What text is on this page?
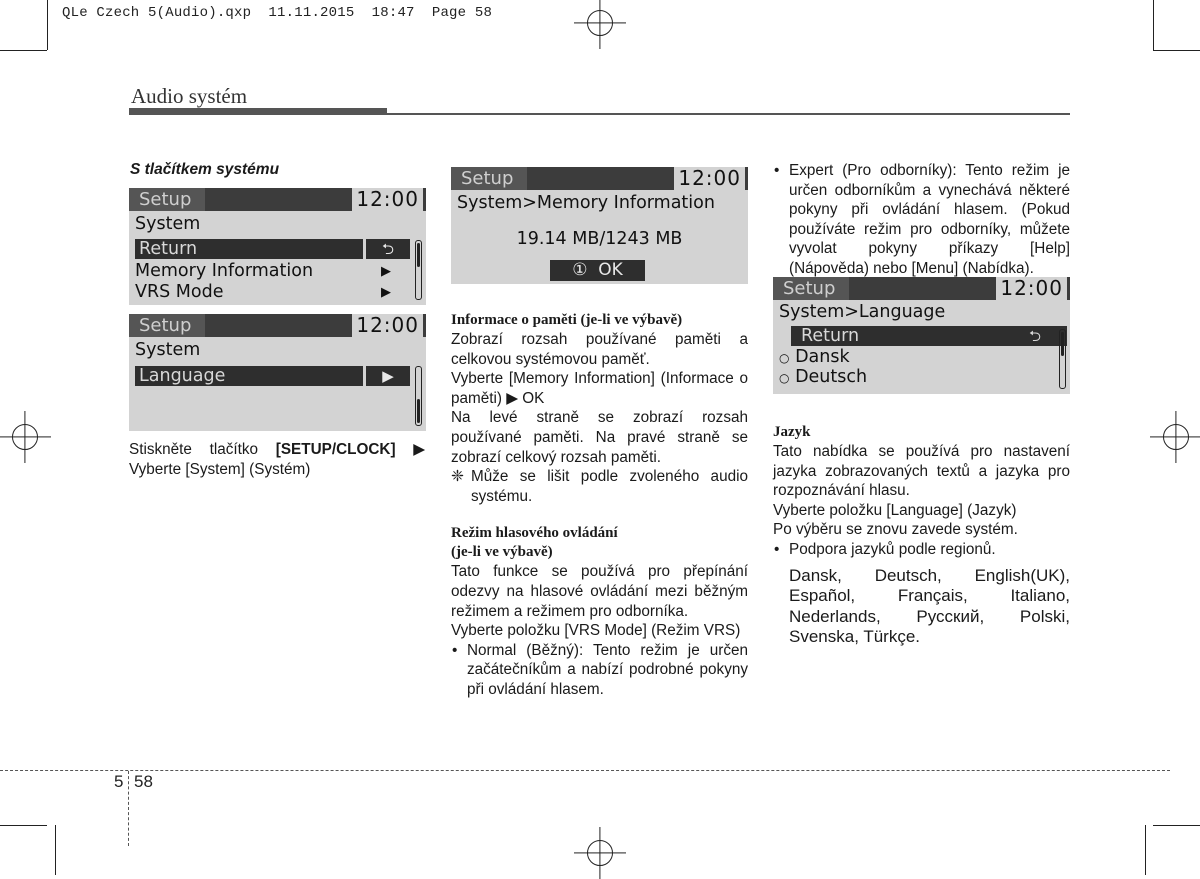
QLe Czech 5(Audio).qxp  11.11.2015  18:47  Page 58
Audio systém
S tlačítkem systému
Setup	12:00
System
Return	⮌
Memory Information	▶
VRS Mode	▶
Setup	12:00
System
Language	▶

Stiskněte tlačítko [SETUP/CLOCK] ▶ Vyberte [System] (Systém)

Setup	12:00
System>Memory Information
19.14 MB/1243 MB
① OK

Informace o paměti (je-li ve výbavě)

Zobrazí rozsah používané paměti a celkovou systémovou paměť.

Vyberte [Memory Information] (Informace o paměti) ▶ OK

Na levé straně se zobrazí rozsah používané paměti. Na pravé straně se zobrazí celkový rozsah paměti.

❈ Může se lišit podle zvoleného audio systému.

Režim hlasového ovládání

(je-li ve výbavě)

Tato funkce se používá pro přepínání odezvy na hlasové ovládání mezi běžným režimem a režimem pro odborníka.

Vyberte položku [VRS Mode] (Režim VRS)

• Normal (Běžný): Tento režim je určen začátečníkům a nabízí podrobné pokyny při ovládání hlasem.
• Expert (Pro odborníky): Tento režim je určen odborníkům a vynechává některé pokyny při ovládání hlasem. (Pokud používáte režim pro odborníky, můžete vyvolat pokyny příkazy [Help] (Nápověda) nebo [Menu] (Nabídka).
Setup	12:00
System>Language
Return	⮌
○ Dansk
○ Deutsch

Jazyk

Tato nabídka se používá pro nastavení jazyka zobrazovaných textů a jazyka pro rozpoznávání hlasu.

Vyberte položku [Language] (Jazyk)

Po výběru se znovu zavede systém.

• Podpora jazyků podle regionů.

Dansk, Deutsch, English(UK), Español, Français, Italiano, Nederlands, Русский, Polski, Svenska, Türkçe.

5 58
